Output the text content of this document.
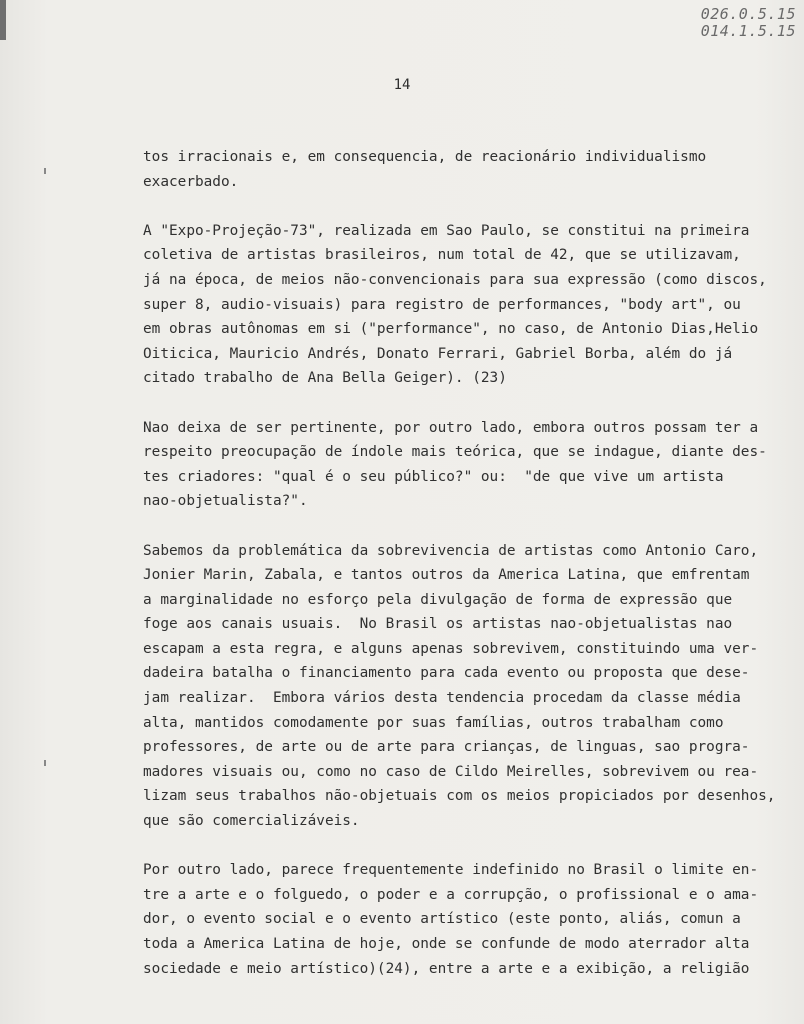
026.0.5.15
014.1.5.15
14
tos irracionais e, em consequencia, de reacionário individualismo
exacerbado.
A "Expo-Projeção-73", realizada em Sao Paulo, se constitui na primeira
coletiva de artistas brasileiros, num total de 42, que se utilizavam,
já na época, de meios não-convencionais para sua expressão (como discos,
super 8, audio-visuais) para registro de performances, "body art", ou
em obras autônomas em si ("performance", no caso, de Antonio Dias,Helio
Oiticica, Mauricio Andrés, Donato Ferrari, Gabriel Borba, além do já
citado trabalho de Ana Bella Geiger). (23)
Nao deixa de ser pertinente, por outro lado, embora outros possam ter a
respeito preocupação de índole mais teórica, que se indague, diante des-
tes criadores: "qual é o seu público?" ou:  "de que vive um artista
nao-objetualista?".
Sabemos da problemática da sobrevivencia de artistas como Antonio Caro,
Jonier Marin, Zabala, e tantos outros da America Latina, que emfrentam
a marginalidade no esforço pela divulgação de forma de expressão que
foge aos canais usuais.  No Brasil os artistas nao-objetualistas nao
escapam a esta regra, e alguns apenas sobrevivem, constituindo uma ver-
dadeira batalha o financiamento para cada evento ou proposta que dese-
jam realizar.  Embora vários desta tendencia procedam da classe média
alta, mantidos comodamente por suas famílias, outros trabalham como
professores, de arte ou de arte para crianças, de linguas, sao progra-
madores visuais ou, como no caso de Cildo Meirelles, sobrevivem ou rea-
lizam seus trabalhos não-objetuais com os meios propiciados por desenhos,
que são comercializáveis.
Por outro lado, parece frequentemente indefinido no Brasil o limite en-
tre a arte e o folguedo, o poder e a corrupção, o profissional e o ama-
dor, o evento social e o evento artístico (este ponto, aliás, comun a
toda a America Latina de hoje, onde se confunde de modo aterrador alta
sociedade e meio artístico)(24), entre a arte e a exibição, a religião
